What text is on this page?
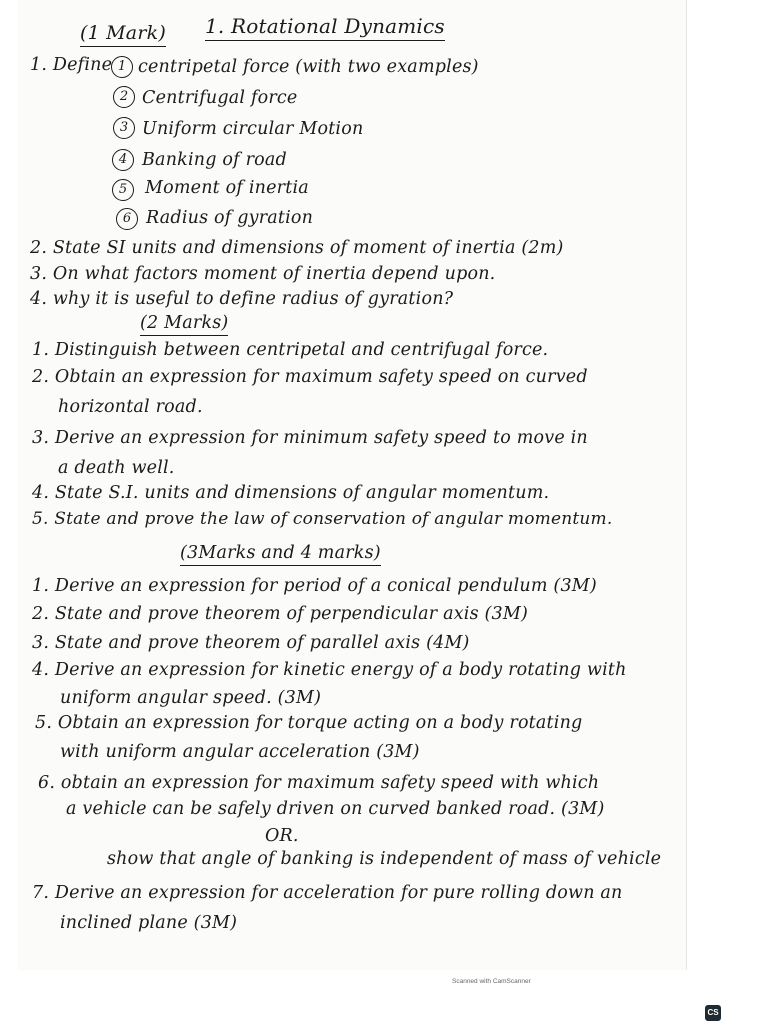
(1 Mark) 1. Rotational Dynamics
1. Define 1 centripetal force (with two examples)
2 Centrifugal force
3 Uniform circular Motion
4 Banking of road
5	Moment of inertia
6 Radius of gyration
2. State SI units and dimensions of moment of inertia (2m)
3. On what factors moment of inertia depend upon.
4. why it is useful to define radius of gyration?
(2 Marks)
1. Distinguish between centripetal and centrifugal force.
2. Obtain an expression for maximum safety speed on curved
horizontal road.
3. Derive an expression for minimum safety speed to move in
a death well.
4. State S.I. units and dimensions of angular momentum.
5. State and prove the law of conservation of angular momentum.
(3Marks and 4 marks)
1. Derive an expression for period of a conical pendulum (3M)
2. State and prove theorem of perpendicular axis (3M)
3. State and prove theorem of parallel axis (4M)
4. Derive an expression for kinetic energy of a body rotating with
uniform angular speed. (3M)
5. Obtain an expression for torque acting on a body rotating
with uniform angular acceleration (3M)
6. obtain an expression for maximum safety speed with which
a vehicle can be safely driven on curved banked road. (3M)
OR.
show that angle of banking is independent of mass of vehicle
7. Derive an expression for acceleration for pure rolling down an
inclined plane (3M)
Scanned with CamScanner
CS
